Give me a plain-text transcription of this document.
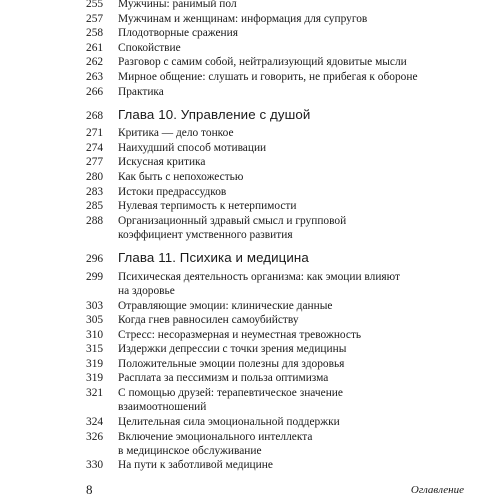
255	Мужчины: ранимый пол
257	Мужчинам и женщинам: информация для супругов
258	Плодотворные сражения
261	Спокойствие
262	Разговор с самим собой, нейтрализующий ядовитые мысли
263	Мирное общение: слушать и говорить, не прибегая к обороне
266	Практика
268	Глава 10. Управление с душой
271	Критика — дело тонкое
274	Наихудший способ мотивации
277	Искусная критика
280	Как быть с непохожестью
283	Истоки предрассудков
285	Нулевая терпимость к нетерпимости
288	Организационный здравый смысл и групповой
коэффициент умственного развития
296	Глава 11. Психика и медицина
299	Психическая деятельность организма: как эмоции влияют
на здоровье
303	Отравляющие эмоции: клинические данные
305	Когда гнев равносилен самоубийству
310	Стресс: несоразмерная и неуместная тревожность
315	Издержки депрессии с точки зрения медицины
319	Положительные эмоции полезны для здоровья
319	Расплата за пессимизм и польза оптимизма
321	С помощью друзей: терапевтическое значение
взаимоотношений
324	Целительная сила эмоциональной поддержки
326	Включение эмоционального интеллекта
в медицинское обслуживание
330	На пути к заботливой медицине
8	Оглавление
